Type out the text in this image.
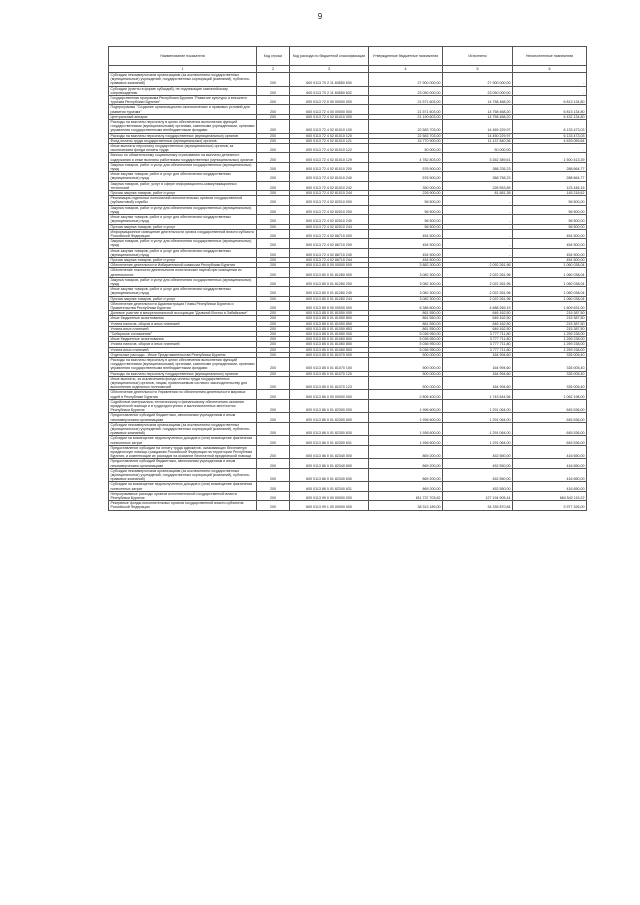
9
Наименование показателя	Код строки	Код расхода по бюджетной классификации	Утвержденные бюджетные назначения	Исполнено	Неисполненные назначения
1	2	3	4	5	6
Субсидии некоммерческим организациям (за исключением государственных (муниципальных) учреждений, государственных корпораций (компаний), публично-правовых компаний)	200	600 0113 70 2 11 84550 630	27 900 000,00	27 900 000,00	-
Субсидии (гранты в форме субсидий), не подлежащие казначейскому сопровождению	200	600 0113 70 2 11 84550 632	23 050 000,00	23 050 000,00	-
Государственная программа Республики Бурятия "Развитие культуры и внешнего туризма Республики Бурятия"	200	600 0113 72 0 00 00000 000	21 571 603,00	14 758 468,20	6 813 134,80
Подпрограмма "Создание организационно-экономических и правовых условий для развития туризма"	200	600 0113 72 4 00 00000 000	21 571 603,00	14 758 468,20	6 813 134,80
Центральный аппарат	200	600 0113 72 4 02 81010 000	21 190 603,00	14 758 468,20	6 432 134,80
Расходы на выплаты персоналу в целях обеспечения выполнения функций государственными (муниципальными) органами, казенными учреждениями, органами управления государственными внебюджетными фондами	200	600 0113 72 4 02 81010 100	22 583 703,00	14 469 229,97	8 133 473,03
Расходы на выплаты персоналу государственных (муниципальных) органов	200	600 0113 72 4 02 81010 120	22 583 703,00	14 450 229,97	6 133 473,03
Фонд оплаты труда государственных (муниципальных) органов	200	600 0113 72 4 02 81010 121	15 770 900,00	11 137 840,36	4 633 059,64
Иные выплаты персоналу государственных (муниципальных) органов, за исключением фонда оплаты труда	200	600 0113 72 4 02 81010 122	50 000,00	50 000,00	-
Взносы по обязательному социальному страхованию на выплаты денежного содержания и иные выплаты работникам государственных (муниципальных) органов	200	600 0113 72 4 02 81010 129	4 782 803,00	3 262 389,61	1 500 413,39
Закупка товаров, работ и услуг для обеспечения государственных (муниципальных) нужд	200	600 0113 72 4 02 81010 200	576 900,00	388 235,23	288 664,77
Иные закупки товаров, работ и услуг для обеспечения государственных (муниципальных) нужд	200	600 0113 72 4 02 81010 240	576 900,00	388 758,23	288 664,77
Закупка товаров, работ, услуг в сфере информационно-коммуникационных технологий	200	600 0113 72 4 02 81010 242	350 000,00	226 553,85	123 446,15
Прочая закупка товаров, работ и услуг	200	600 0113 72 4 02 81010 244	226 900,00	81 681,38	145 218,62
Реализация отдельных полномочий исполнительных органов государственной (субъектовой) службы	200	600 0113 72 4 02 82010 000	56 500,00	-	56 500,00
Закупка товаров, работ и услуг для обеспечения государственных (муниципальных) нужд	200	600 0113 72 4 02 82010 200	56 500,00	-	56 500,00
Иные закупки товаров, работ и услуг для обеспечения государственных (муниципальных) нужд	200	600 0113 72 4 02 82010 240	56 500,00	-	56 500,00
Прочая закупка товаров, работ и услуг	200	600 0113 72 4 02 82010 244	56 500,00	-	56 500,00
Информационное освещение деятельности органа государственной власти субъекта Российской Федерации	200	600 0113 72 4 02 86710 000	454 500,00	-	454 500,00
Закупка товаров, работ и услуг для обеспечения государственных (муниципальных) нужд	200	600 0113 72 4 02 86710 200	454 500,00	-	454 500,00
Иные закупки товаров, работ и услуг для обеспечения государственных (муниципальных) нужд	200	600 0113 72 4 02 86710 240	454 500,00	-	454 500,00
Прочая закупка товаров, работ и услуг	200	600 0113 72 4 02 86710 244	454 500,00	-	454 500,00
Обеспечение деятельности Избирательной комиссии Республики Бурятия	200	600 0113 80 0 00 00000 000	3 882 300,00	2 092 261,96	1 060 038,04
Обеспечение гласности деятельности политических партий при освещении их деятельности	200	600 0113 80 0 01 81260 000	3 082 300,00	2 022 261,96	1 060 038,04
Закупка товаров, работ и услуг для обеспечения государственных (муниципальных) нужд	200	600 0113 80 0 01 81260 200	3 082 300,00	2 022 261,96	1 060 038,04
Иные закупки товаров, работ и услуг для обеспечения государственных (муниципальных) нужд	200	600 0113 80 0 01 81260 240	3 082 300,00	2 022 261,96	1 060 038,04
Прочая закупка товаров, работ и услуг	200	600 0113 80 0 01 81260 244	3 082 300,00	2 022 261,96	1 060 038,04
Обеспечение деятельности Администрации Главы Республики Бурятия и Правительства Республики Бурятия	200	600 0113 85 0 00 00000 000	6 388 800,00	4 688 269,19	1 609 631,00
Долевое участие в межрегиональной ассоциации "Дальний Восток и Забайкалье"	200	600 0113 85 0 01 81050 000	861 550,00	646 162,50	215 387,50
Иные бюджетные ассигнования	200	600 0113 85 0 01 81050 800	861 550,00	646 162,50	215 387,50
Уплата налогов, сборов и иных платежей	200	600 0113 85 0 01 81050 850	861 550,00	646 162,50	215 387,50
Уплата иных платежей	200	600 0113 85 0 01 81050 853	861 550,00	646 162,50	215 387,50
"Сибирское соглашение"	200	600 0113 85 0 01 81060 000	5 036 950,00	3 777 711,80	1 259 238,00
Иные бюджетные ассигнования	200	600 0113 85 0 01 81060 800	5 036 950,00	3 777 711,80	1 259 238,00
Уплата налогов, сборов и иных платежей	200	600 0113 85 0 01 81060 850	5 036 950,00	3 777 711,80	1 259 238,00
Уплата иных платежей	200	600 0113 85 0 01 81060 853	5 036 950,00	3 777 711,80	1 259 238,00
Отдельные расходы - Иные Представительства Республики Бурятия	200	600 0113 85 0 01 81070 000	500 000,00	164 994,60	335 005,40
Расходы на выплаты персоналу в целях обеспечения выполнения функций государственными (муниципальными) органами, казенными учреждениями, органами управления государственными внебюджетными фондами	200	600 0113 85 0 01 81070 100	500 000,00	164 994,60	335 005,40
Расходы на выплаты персоналу государственных (муниципальных) органов	200	600 0113 85 0 01 81070 120	500 000,00	164 994,60	335 005,40
Иные выплаты, за исключением фонда оплаты труда государственных (муниципальных) органов, лицам, привлекаемым согласно законодательству для выполнения отдельных полномочий	200	600 0113 85 0 01 81070 123	500 000,00	164 994,60	335 005,40
Обеспечение деятельности Управления по обеспечению деятельности мировых судей в Республике Бурятия	200	600 0113 86 0 00 00000 000	2 805 400,00	1 743 644,56	1 062 198,00
Содействие материально-техническому и финансовому обеспечению оказания юридической помощи и в труднодоступных и малонаселенных местностях Республики Бурятия	200	600 0113 86 0 01 82300 000	1 996 600,00	1 291 064,00	645 536,00
Предоставление субсидий бюджетным, автономным учреждениям и иным некоммерческим организациям	200	600 0113 86 0 01 82300 600	1 936 600,00	1 291 064,00	645 536,00
Субсидии некоммерческим организациям (за исключением государственных (муниципальных) учреждений, государственных корпораций (компаний), публично-правовых компаний)	200	600 0113 86 0 01 82300 630	1 936 600,00	1 291 064,00	645 536,00
Субсидии на возмещение недополученных доходов и (или) возмещение фактически понесенных затрат	200	600 0113 86 0 01 82300 631	1 936 600,00	1 291 064,00	645 536,00
Предоставление субсидии на оплату труда адвокатов, оказывающих бесплатную юридическую помощь гражданам Российской Федерации на территории Республики Бурятия, и компенсации их расходов на оказание бесплатной юридической помощи	200	600 0113 86 0 01 82340 000	869 200,00	452 550,00	416 650,00
Предоставление субсидий бюджетным, автономным учреждениям и иным некоммерческим организациям	200	600 0113 86 0 01 82340 600	869 200,00	452 550,00	416 650,00
Субсидии некоммерческим организациям (за исключением государственных (муниципальных) учреждений, государственных корпораций (компаний), публично-правовых компаний)	200	600 0113 86 0 01 82340 630	869 200,00	452 550,00	416 650,00
Субсидии на возмещение недополученных доходов и (или) возмещение фактически понесенных затрат	200	600 0113 86 0 01 82340 631	869 200,00	452 550,00	416 650,00
Непрограммные расходы органов исполнительной государственной власти Республики Бурятия	200	600 0113 99 0 00 00000 000	811 737 703,62	127 194 905,44	684 542 115,22
Резервные фонды исполнительных органов государственной власти субъектов Российской Федерации	200	600 0113 99 1 00 00000 000	38 313 189,00	34 335 870,84	3 977 326,00
